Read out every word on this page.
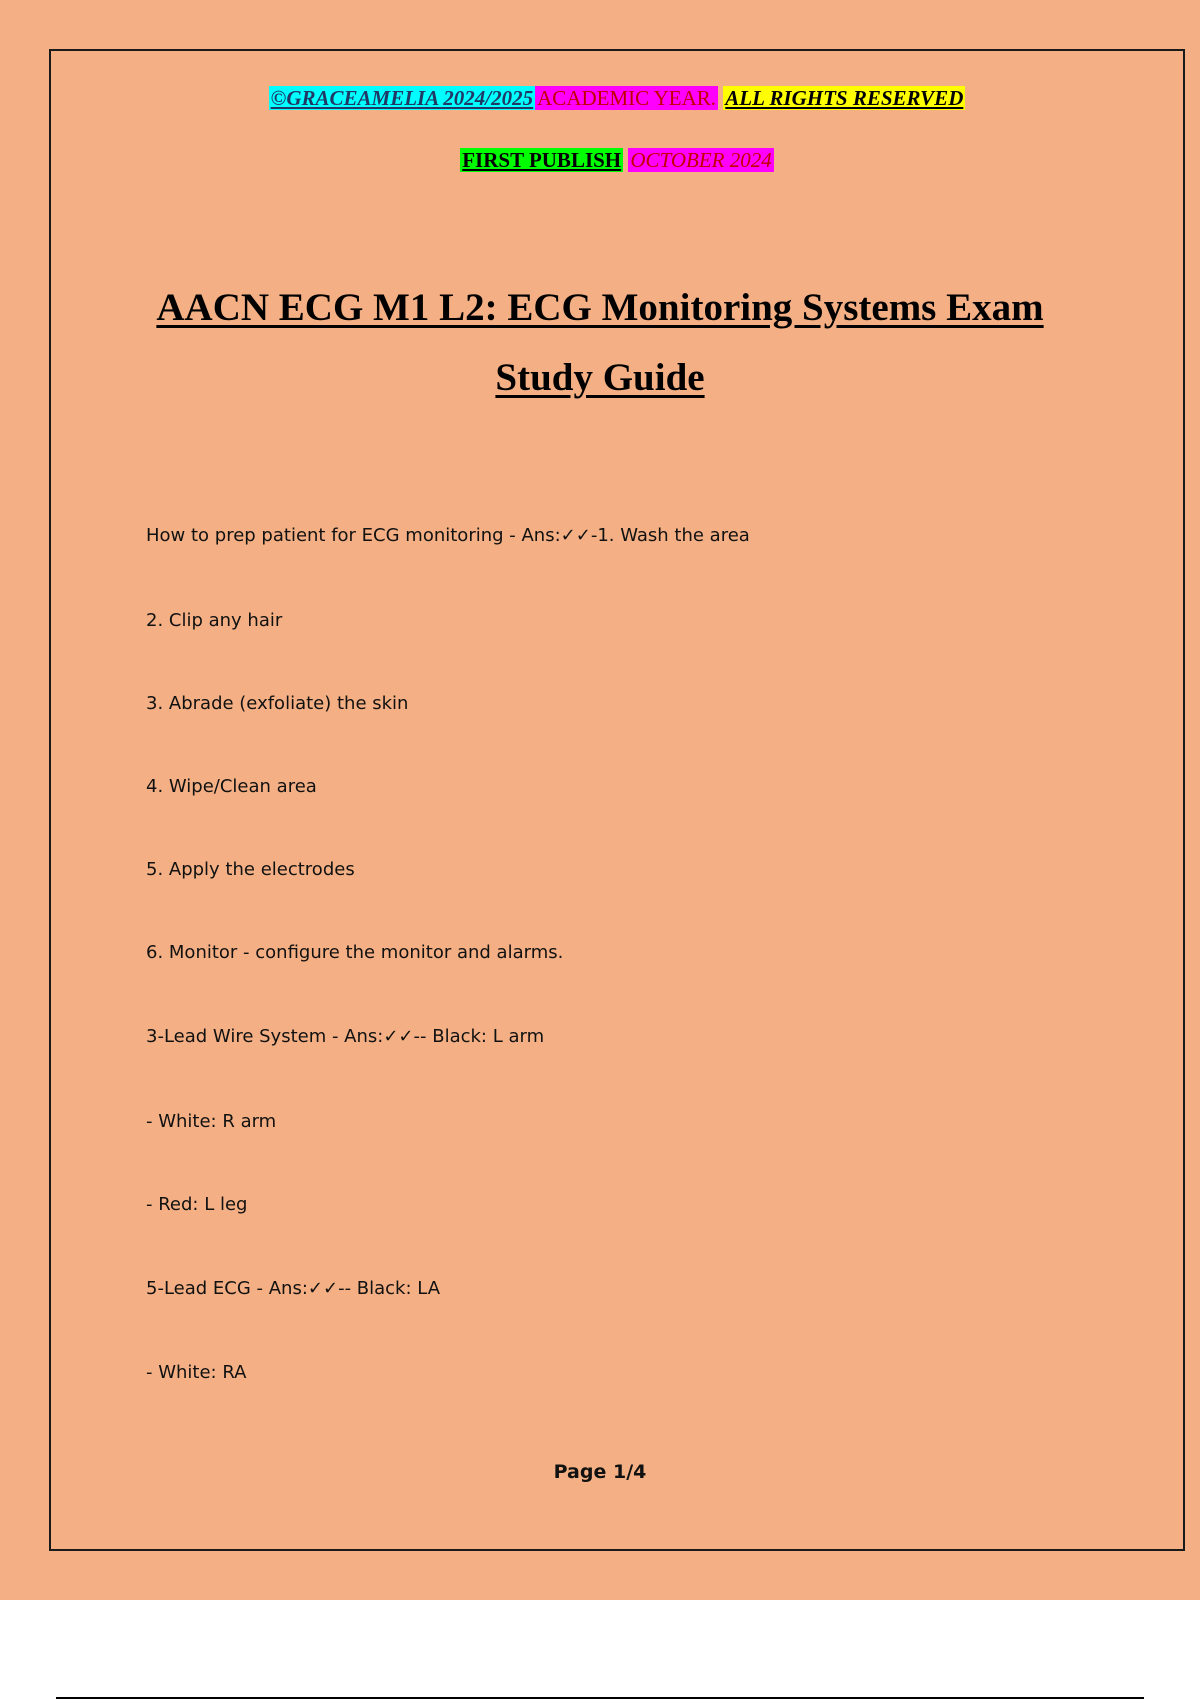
©GRACEAMELIA 2024/2025 ACADEMIC YEAR. ALL RIGHTS RESERVED
FIRST PUBLISH OCTOBER 2024
AACN ECG M1 L2: ECG Monitoring Systems Exam
Study Guide
How to prep patient for ECG monitoring - Ans:✓✓-1. Wash the area
2. Clip any hair
3. Abrade (exfoliate) the skin
4. Wipe/Clean area
5. Apply the electrodes
6. Monitor - configure the monitor and alarms.
3-Lead Wire System - Ans:✓✓-- Black: L arm
- White: R arm
- Red: L leg
5-Lead ECG - Ans:✓✓-- Black: LA
- White: RA
Page 1/4
